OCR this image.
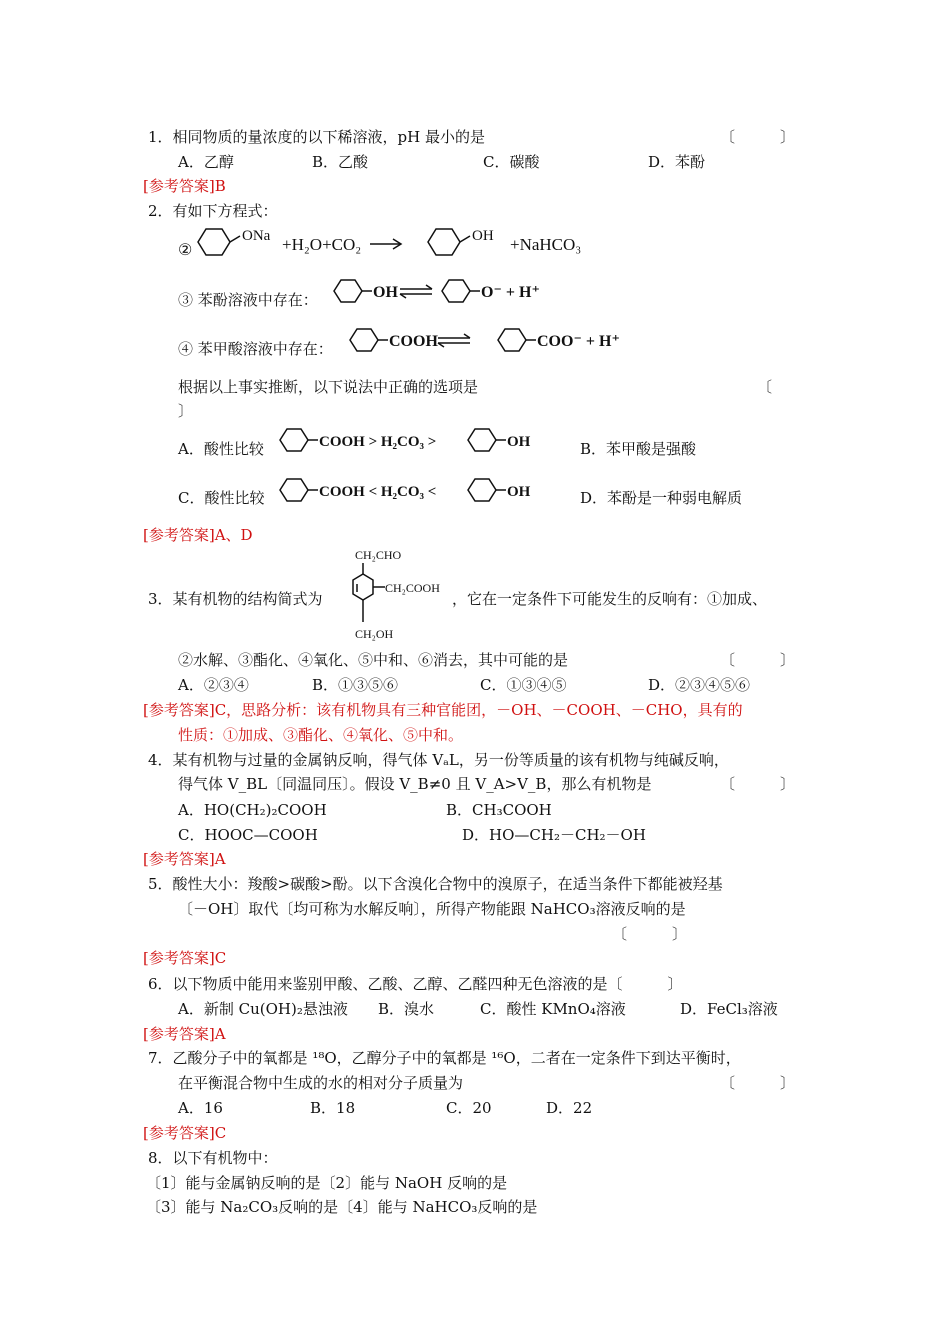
1．相同物质的量浓度的以下稀溶液，pH 最小的是	〔　　　〕
A．乙醇	B．乙酸	C．碳酸	D．苯酚
[参考答案]B
2．有如下方程式：
②
ONa +H₂O+CO₂	OH +NaHCO₃
③ 苯酚溶液中存在：	OH	O⁻ + H⁺
④ 苯甲酸溶液中存在：	COOH	COO⁻ + H⁺
根据以上事实推断，以下说法中正确的选项是	〔
〕
A．酸性比较	COOH > H₂CO₃ >	OH	B．苯甲酸是强酸
C．酸性比较	COOH < H₂CO₃ <	OH	D．苯酚是一种弱电解质
[参考答案]A、D
CH₂CHO
CH₂COOH
CH₂OH
3．某有机物的结构简式为	，它在一定条件下可能发生的反响有：①加成、
②水解、③酯化、④氧化、⑤中和、⑥消去，其中可能的是	〔　　　〕
A．②③④	B．①③⑤⑥	C．①③④⑤	D．②③④⑤⑥
[参考答案]C，思路分析：该有机物具有三种官能团，－OH、－COOH、－CHO，具有的
性质：①加成、③酯化、④氧化、⑤中和。
4．某有机物与过量的金属钠反响，得气体 VₐL，另一份等质量的该有机物与纯碱反响，
得气体 V_BL〔同温同压〕。假设 V_B≠0 且 V_A>V_B，那么有机物是	〔　　　〕
A．HO(CH₂)₂COOH	B．CH₃COOH
C．HOOC—COOH	D．HO—CH₂－CH₂－OH
[参考答案]A
5．酸性大小：羧酸>碳酸>酚。以下含溴化合物中的溴原子，在适当条件下都能被羟基
〔－OH〕取代〔均可称为水解反响〕，所得产物能跟 NaHCO₃溶液反响的是
〔　　　〕
[参考答案]C
6．以下物质中能用来鉴别甲酸、乙酸、乙醇、乙醛四种无色溶液的是〔　　　〕
A．新制 Cu(OH)₂悬浊液 B．溴水	C．酸性 KMnO₄溶液	D．FeCl₃溶液
[参考答案]A
7．乙酸分子中的氧都是 ¹⁸O，乙醇分子中的氧都是 ¹⁶O，二者在一定条件下到达平衡时，
在平衡混合物中生成的水的相对分子质量为	〔　　　〕
A．16	B．18	C．20	D．22
[参考答案]C
8．以下有机物中：
〔1〕能与金属钠反响的是〔2〕能与 NaOH 反响的是
〔3〕能与 Na₂CO₃反响的是〔4〕能与 NaHCO₃反响的是
